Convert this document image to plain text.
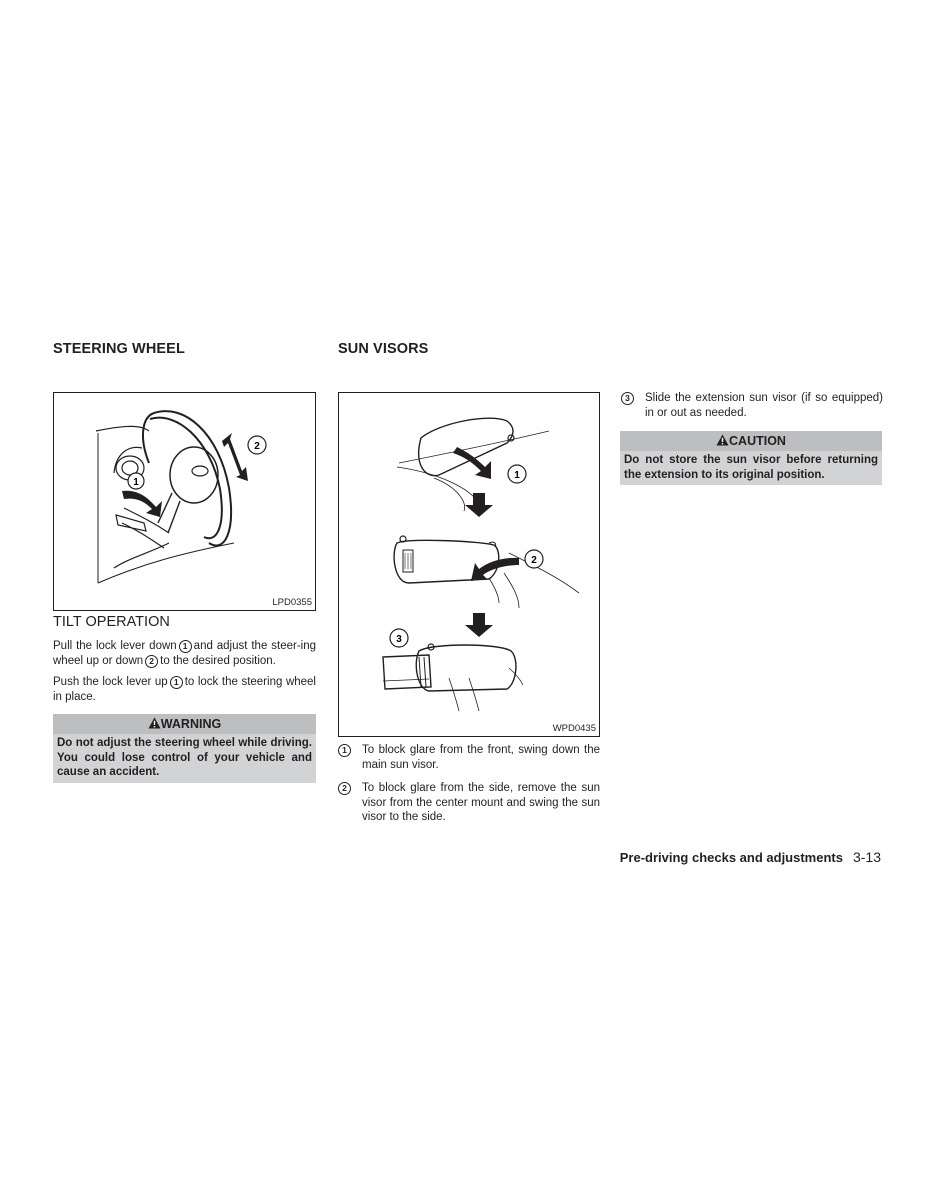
STEERING WHEEL
1
2
LPD0355
TILT OPERATION
Pull the lock lever down 1 and adjust the steer-ing wheel up or down 2 to the desired position.
Push the lock lever up 1 to lock the steering wheel in place.
WARNING
Do not adjust the steering wheel while driving. You could lose control of your vehicle and cause an accident.
SUN VISORS
1
2
3
WPD0435
1	To block glare from the front, swing down the main sun visor.
2	To block glare from the side, remove the sun visor from the center mount and swing the sun visor to the side.
3	Slide the extension sun visor (if so equipped) in or out as needed.
CAUTION
Do not store the sun visor before returning the extension to its original position.
Pre-driving checks and adjustments 3-13
